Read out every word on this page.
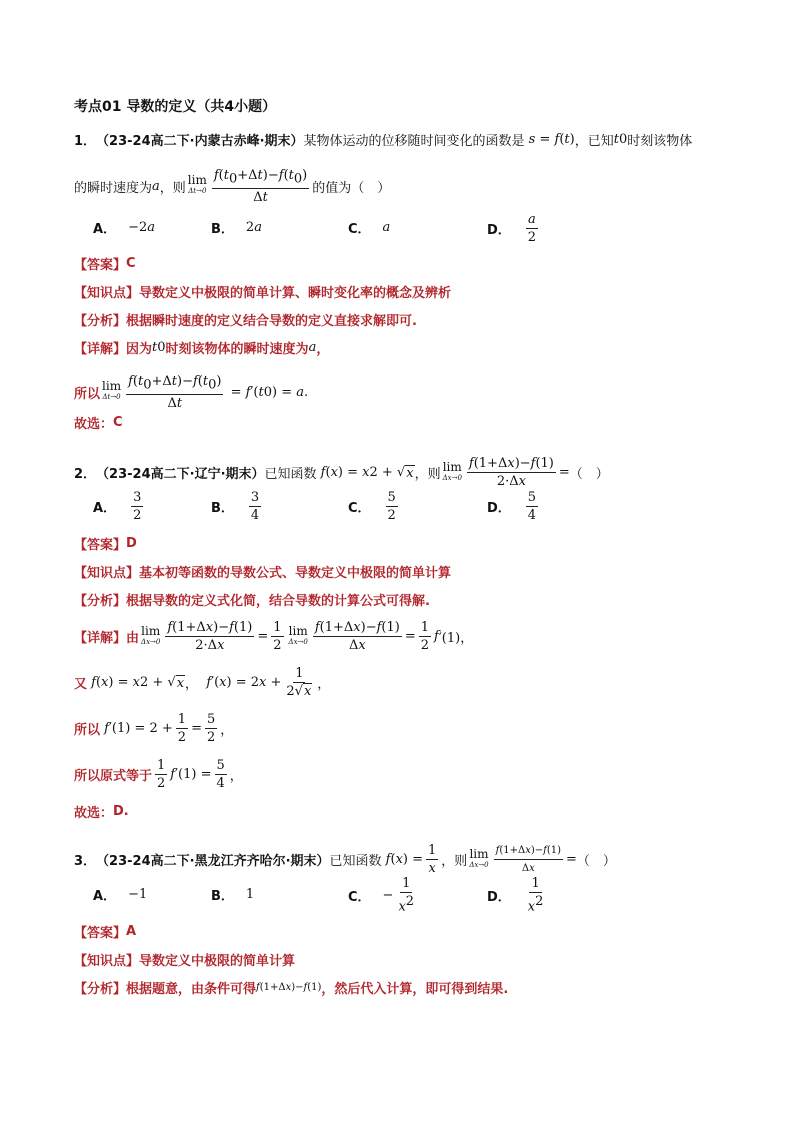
考点01 导数的定义（共4小题）
1． （23-24高二下·内蒙古赤峰·期末） 某物体运动的位移随时间变化的函数是 s = f ( t ) ，已知 t 0 时刻该物体
的瞬时速度为 a ，则
lim
$\Delta t\to 0 \frac{f(t_0+\Delta t)-f(t_0)}{\Delta t}$ 的值为（　）
A． −2 a	B． 2 a	C． a	D． $\frac{a}{2}$
【答案】 C
【知识点】 导数定义中极限的简单计算、瞬时变化率的概念及辨析
【分析】 根据瞬时速度的定义结合导数的定义直接求解即可.
【详解】 因为 t 0 时刻该物体的瞬时速度为 a ，
所以
lim
$\Delta t\to 0 \frac{f(t_0+\Delta t)-f(t_0)}{\Delta t} = f$ ′( t 0 ) = a .
故选： C
2． （23-24高二下·辽宁·期末） 已知函数 f ( x ) = x 2 + √ x ，则
lim
$\Delta x\to 0 \frac{f(1+\Delta x)-f(1)}{2\cdot\Delta x}$ = （　）
A． $\frac{3}{2}$	B． $\frac{3}{4}$	C． $\frac{5}{2}$	D． $\frac{5}{4}$
【答案】 D
【知识点】 基本初等函数的导数公式、导数定义中极限的简单计算
【分析】 根据导数的定义式化简，结合导数的计算公式可得解.
【详解】 由
lim
$\Delta x\to 0 \frac{f(1+\Delta x)-f(1)}{2\cdot\Delta x} = \frac{1}{2}$ lim
$\Delta x\to 0 \frac{f(1+\Delta x)-f(1)}{\Delta x} = \frac{1}{2}$ f ′(1)，
又 f ( x ) = x 2 + √ x ， f ′( x ) = 2 $x + \frac{1}{2√x}$ ，
所以 f $'(1) = 2 + \frac{1}{2} = \frac{5}{2}$ ，
所以原式等于 $\frac{1}{2}$ f $'(1) = \frac{5}{4}$ ，
故选： D.
3． （23-24高二下·黑龙江齐齐哈尔·期末） 已知函数 f ( x ) = $\frac{1}{x}$ ，则
lim
$\Delta x\to 0 \frac{f(1+\Delta x)-f(1)}{\Delta x}$ = （　）
A． −1	B． 1	C． − $\frac{1}{x^2}$	D． $\frac{1}{x^2}$
【答案】 A
【知识点】 导数定义中极限的简单计算
【分析】 根据题意，由条件可得 f (1+Δ x )− f (1) ，然后代入计算，即可得到结果.
